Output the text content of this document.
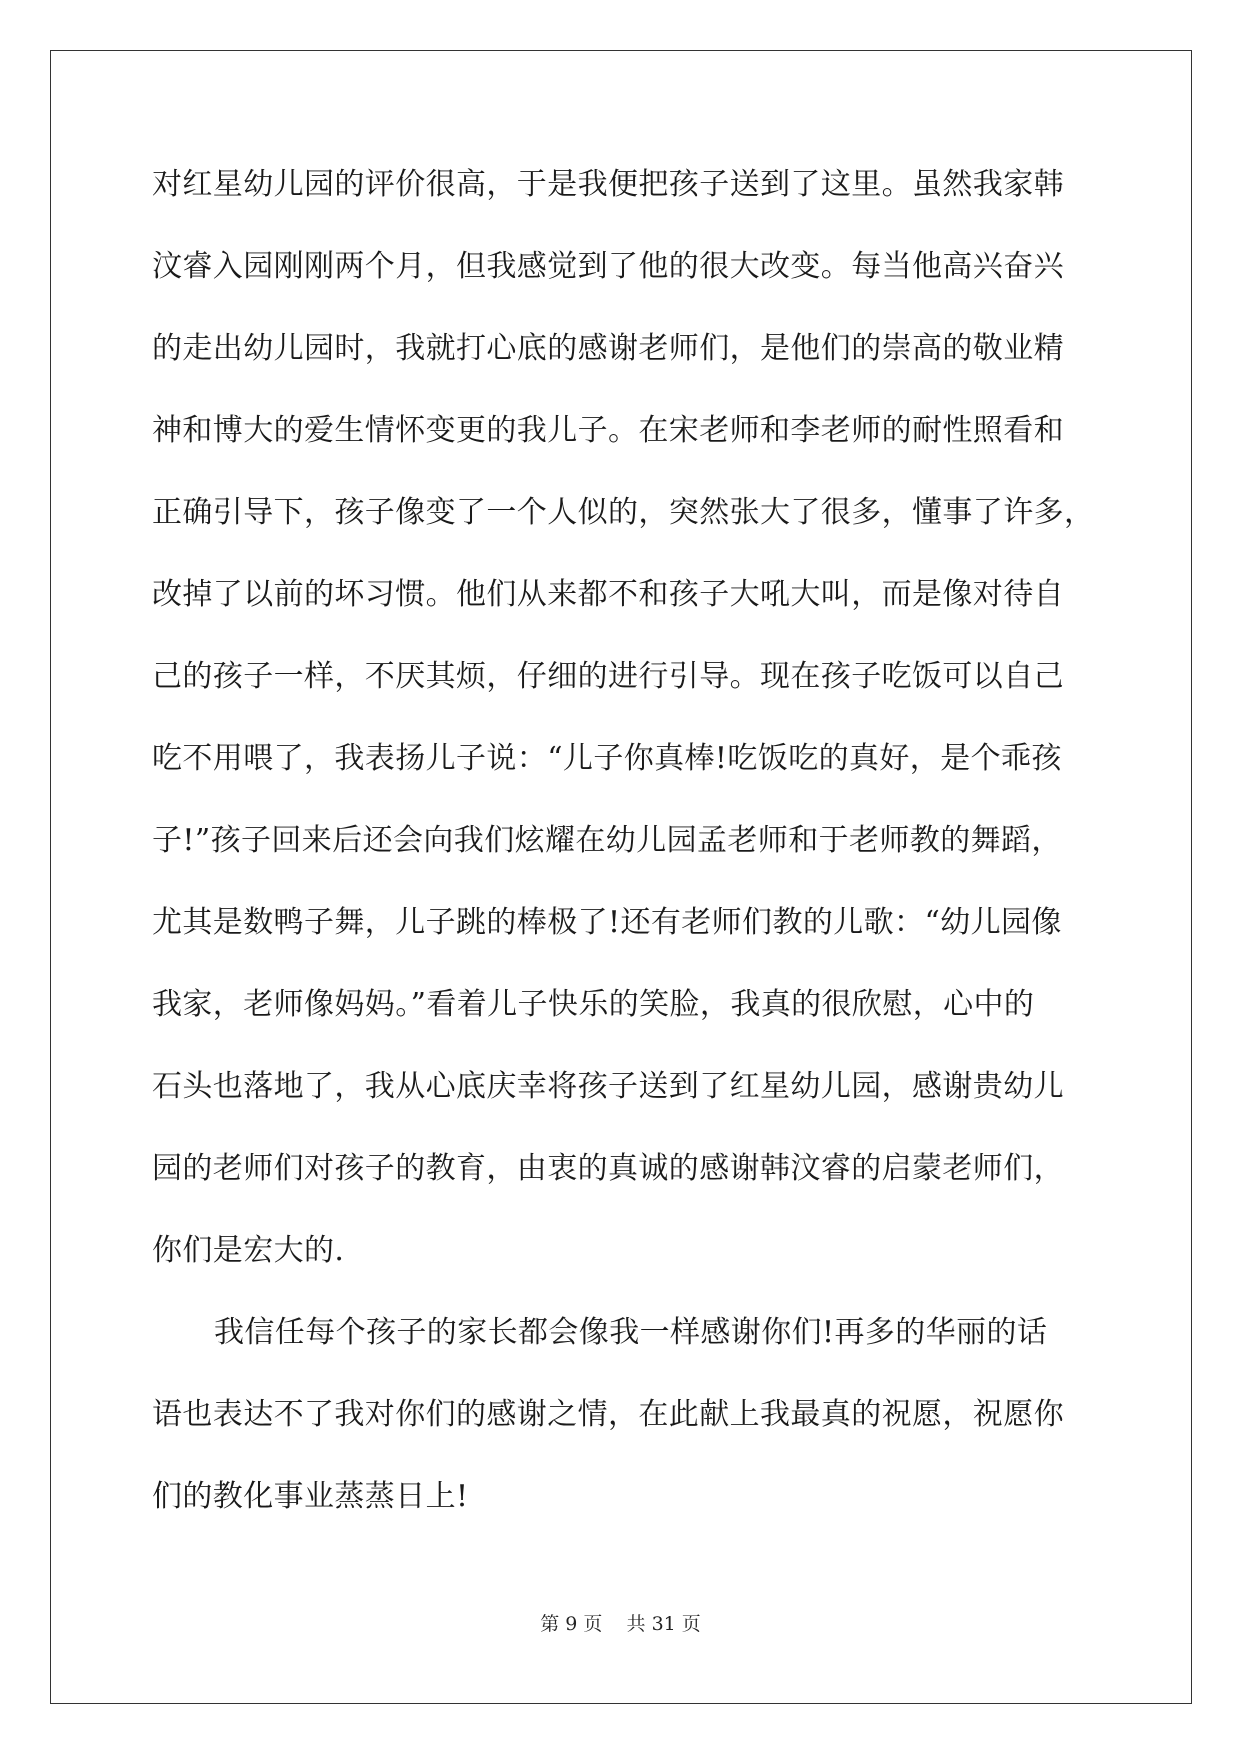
对红星幼儿园的评价很高，于是我便把孩子送到了这里。虽然我家韩
汶睿入园刚刚两个月，但我感觉到了他的很大改变。每当他高兴奋兴
的走出幼儿园时，我就打心底的感谢老师们，是他们的崇高的敬业精
神和博大的爱生情怀变更的我儿子。在宋老师和李老师的耐性照看和
正确引导下，孩子像变了一个人似的，突然张大了很多，懂事了许多，
改掉了以前的坏习惯。他们从来都不和孩子大吼大叫，而是像对待自
己的孩子一样，不厌其烦，仔细的进行引导。现在孩子吃饭可以自己
吃不用喂了，我表扬儿子说：“儿子你真棒!吃饭吃的真好，是个乖孩
子!”孩子回来后还会向我们炫耀在幼儿园孟老师和于老师教的舞蹈，
尤其是数鸭子舞，儿子跳的棒极了!还有老师们教的儿歌：“幼儿园像
我家，老师像妈妈。”看着儿子快乐的笑脸，我真的很欣慰，心中的
石头也落地了，我从心底庆幸将孩子送到了红星幼儿园，感谢贵幼儿
园的老师们对孩子的教育，由衷的真诚的感谢韩汶睿的启蒙老师们，
你们是宏大的.
我信任每个孩子的家长都会像我一样感谢你们!再多的华丽的话
语也表达不了我对你们的感谢之情，在此献上我最真的祝愿，祝愿你
们的教化事业蒸蒸日上!
第 9 页 共 31 页
